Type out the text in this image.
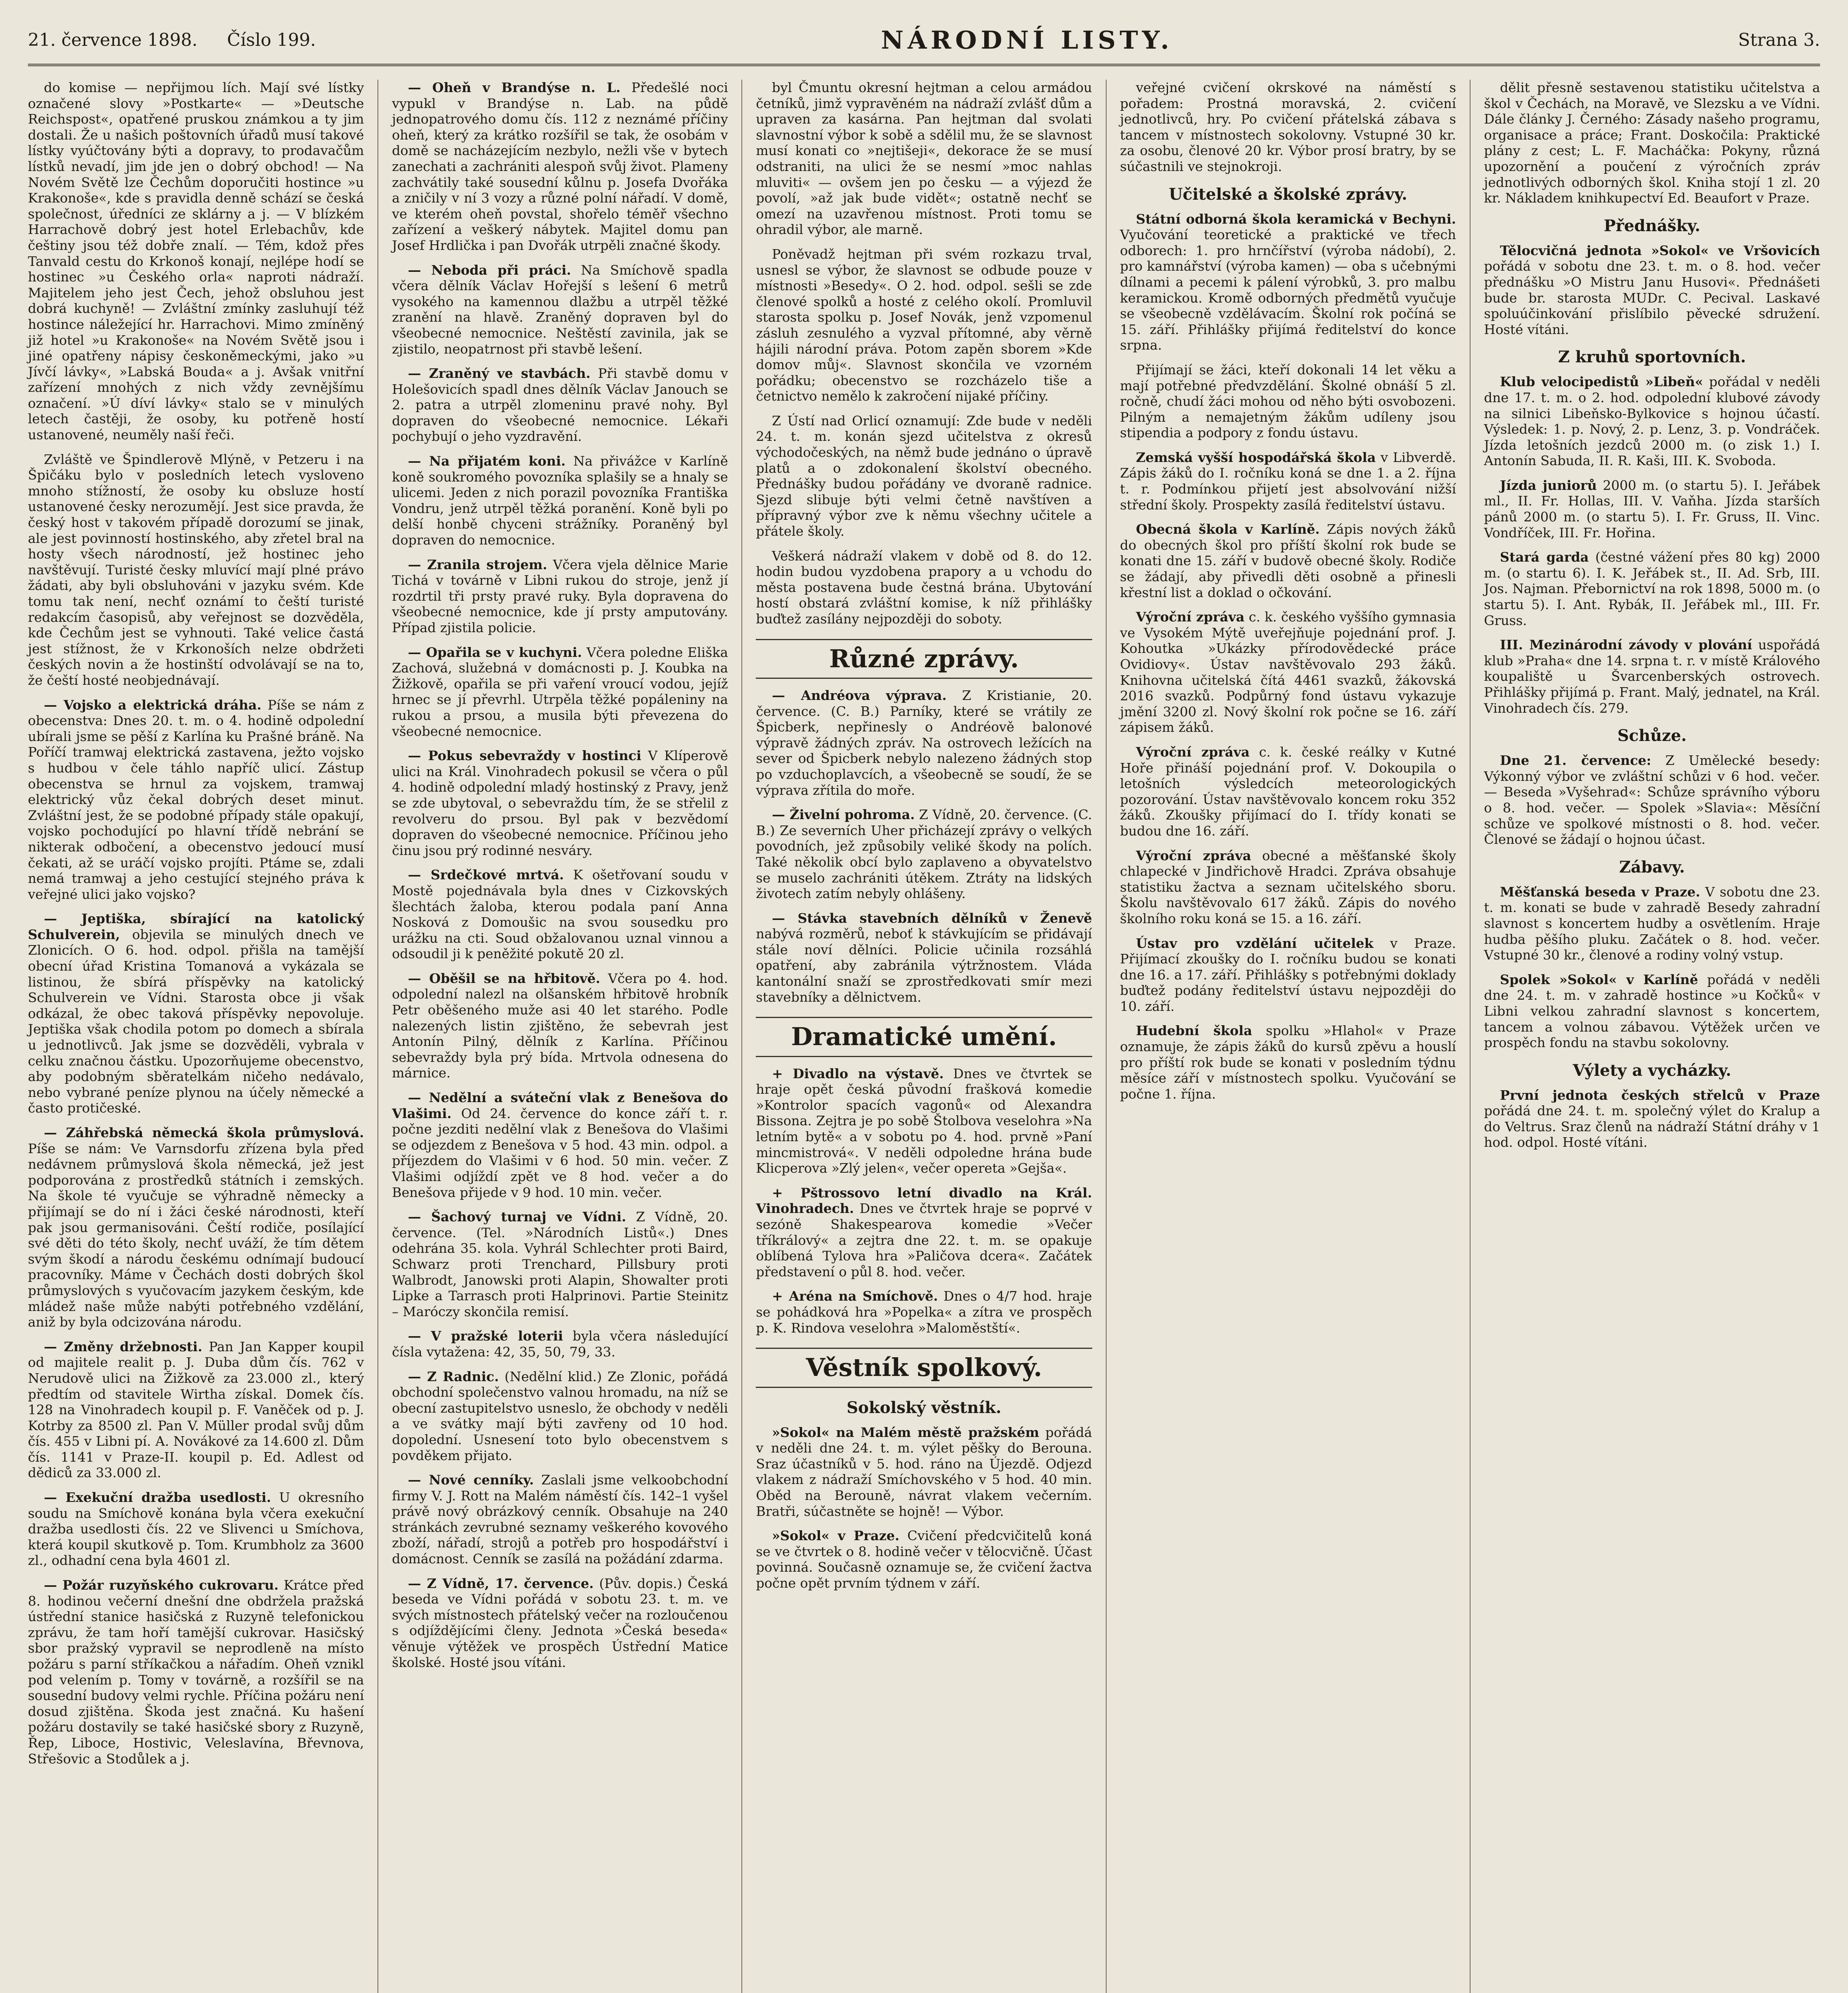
21. července 1898. Číslo 199.	NÁRODNÍ LISTY.	Strana 3.

do komise — nepřijmou lích. Mají své lístky označené slovy »Postkarte« — »Deutsche Reichspost«, opatřené pruskou známkou a ty jim dostali. Že u našich poštovních úřadů musí takové lístky vyúčtovány býti a dopravy, to prodavačům lístků nevadí, jim jde jen o dobrý obchod! — Na Novém Světě lze Čechům doporučiti hostince »u Krakonoše«, kde s pravidla denně schází se česká společnost, úředníci ze sklárny a j. — V blízkém Harrachově dobrý jest hotel Erlebachův, kde češtiny jsou též dobře znalí. — Tém, kdož přes Tanvald cestu do Krkonoš konají, nejlépe hodí se hostinec »u Českého orla« naproti nádraží. Majitelem jeho jest Čech, jehož obsluhou jest dobrá kuchyně! — Zvláštní zmínky zasluhují též hostince náležející hr. Harrachovi. Mimo zmíněný již hotel »u Krakonoše« na Novém Světě jsou i jiné opatřeny nápisy českoněmeckými, jako »u Jívčí lávky«, »Labská Bouda« a j. Avšak vnitřní zařízení mnohých z nich vždy zevnějšímu označení. »Ú díví lávky« stalo se v minulých letech častěji, že osoby, ku potřeně hostí ustanovené, neuměly naší řeči.

Zvláště ve Špindlerově Mlýně, v Petzeru i na Špičáku bylo v posledních letech vysloveno mnoho stížností, že osoby ku obsluze hostí ustanovené česky nerozumějí. Jest sice pravda, že český host v takovém případě dorozumí se jinak, ale jest povinností hostinského, aby zřetel bral na hosty všech národností, jež hostinec jeho navštěvují. Turisté česky mluvící mají plné právo žádati, aby byli obsluhováni v jazyku svém. Kde tomu tak není, nechť oznámí to čeští turisté redakcím časopisů, aby veřejnost se dozvěděla, kde Čechům jest se vyhnouti. Také velice častá jest stížnost, že v Krkonoších nelze obdržeti českých novin a že hostinští odvolávají se na to, že čeští hosté neobjednávají.

— Vojsko a elektrická dráha. Píše se nám z obecenstva: Dnes 20. t. m. o 4. hodině odpolední ubírali jsme se pěší z Karlína ku Prašné bráně. Na Poříčí tramwaj elektrická zastavena, ježto vojsko s hudbou v čele táhlo napříč ulicí. Zástup obecenstva se hrnul za vojskem, tramwaj elektrický vůz čekal dobrých deset minut. Zvláštní jest, že se podobné případy stále opakují, vojsko pochodující po hlavní třídě nebrání se nikterak odbočení, a obecenstvo jedoucí musí čekati, až se uráčí vojsko projíti. Ptáme se, zdali nemá tramwaj a jeho cestující stejného práva k veřejné ulici jako vojsko?

— Jeptiška, sbírající na katolický Schulverein, objevila se minulých dnech ve Zlonicích. O 6. hod. odpol. přišla na tamější obecní úřad Kristina Tomanová a vykázala se listinou, že sbírá příspěvky na katolický Schulverein ve Vídni. Starosta obce ji však odkázal, že obec taková příspěvky nepovoluje. Jeptiška však chodila potom po domech a sbírala u jednotlivců. Jak jsme se dozvěděli, vybrala v celku značnou částku. Upozorňujeme obecenstvo, aby podobným sběratelkám ničeho nedávalo, nebo vybrané peníze plynou na účely německé a často protičeské.

— Záhřebská německá škola průmyslová. Píše se nám: Ve Varnsdorfu zřízena byla před nedávnem průmyslová škola německá, jež jest podporována z prostředků státních i zemských. Na škole té vyučuje se výhradně německy a přijímají se do ní i žáci české národnosti, kteří pak jsou germanisováni. Čeští rodiče, posílající své děti do této školy, nechť uváží, že tím dětem svým škodí a národu českému odnímají budoucí pracovníky. Máme v Čechách dosti dobrých škol průmyslových s vyučovacím jazykem českým, kde mládež naše může nabýti potřebného vzdělání, aniž by byla odcizována národu.

— Změny držebnosti. Pan Jan Kapper koupil od majitele realit p. J. Duba dům čís. 762 v Nerudově ulici na Žižkově za 23.000 zl., který předtím od stavitele Wirtha získal. Domek čís. 128 na Vinohradech koupil p. F. Vaněček od p. J. Kotrby za 8500 zl. Pan V. Müller prodal svůj dům čís. 455 v Libni pí. A. Novákové za 14.600 zl. Dům čís. 1141 v Praze-II. koupil p. Ed. Adlest od dědiců za 33.000 zl.

— Exekuční dražba usedlosti. U okresního soudu na Smíchově konána byla včera exekuční dražba usedlosti čís. 22 ve Slivenci u Smíchova, která koupil skutkově p. Tom. Krumbholz za 3600 zl., odhadní cena byla 4601 zl.

— Požár ruzyňského cukrovaru. Krátce před 8. hodinou večerní dnešní dne obdržela pražská ústřední stanice hasičská z Ruzyně telefonickou zprávu, že tam hoří tamější cukrovar. Hasičský sbor pražský vypravil se neprodleně na místo požáru s parní stříkačkou a nářadím. Oheň vznikl pod velením p. Tomy v továrně, a rozšířil se na sousední budovy velmi rychle. Příčina požáru není dosud zjištěna. Škoda jest značná. Ku hašení požáru dostavily se také hasičské sbory z Ruzyně, Řep, Liboce, Hostivic, Veleslavína, Břevnova, Střešovic a Stodůlek a j.

— Oheň v Brandýse n. L. Předešlé noci vypukl v Brandýse n. Lab. na půdě jednopatrového domu čís. 112 z neznámé příčiny oheň, který za krátko rozšířil se tak, že osobám v domě se nacházejícím nezbylo, nežli vše v bytech zanechati a zachrániti alespoň svůj život. Plameny zachvátily také sousední kůlnu p. Josefa Dvořáka a zničily v ní 3 vozy a různé polní nářadí. V domě, ve kterém oheň povstal, shořelo téměř všechno zařízení a veškerý nábytek. Majitel domu pan Josef Hrdlička i pan Dvořák utrpěli značné škody.

— Neboda při práci. Na Smíchově spadla včera dělník Václav Hořejší s lešení 6 metrů vysokého na kamennou dlažbu a utrpěl těžké zranění na hlavě. Zraněný dopraven byl do všeobecné nemocnice. Neštěstí zavinila, jak se zjistilo, neopatrnost při stavbě lešení.

— Zraněný ve stavbách. Při stavbě domu v Holešovicích spadl dnes dělník Václav Janouch se 2. patra a utrpěl zlomeninu pravé nohy. Byl dopraven do všeobecné nemocnice. Lékaři pochybují o jeho vyzdravění.

— Na přijatém koni. Na přivážce v Karlíně koně soukromého povozníka splašily se a hnaly se ulicemi. Jeden z nich porazil povozníka Františka Vondru, jenž utrpěl těžká poranění. Koně byli po delší honbě chyceni strážníky. Poraněný byl dopraven do nemocnice.

— Zranila strojem. Včera vjela dělnice Marie Tichá v továrně v Libni rukou do stroje, jenž jí rozdrtil tři prsty pravé ruky. Byla dopravena do všeobecné nemocnice, kde jí prsty amputovány. Případ zjistila policie.

— Opařila se v kuchyni. Včera poledne Eliška Zachová, služebná v domácnosti p. J. Koubka na Žižkově, opařila se při vaření vroucí vodou, jejíž hrnec se jí převrhl. Utrpěla těžké popáleniny na rukou a prsou, a musila býti převezena do všeobecné nemocnice.

— Pokus sebevraždy v hostinci V Klíperově ulici na Král. Vinohradech pokusil se včera o půl 4. hodině odpolední mladý hostinský z Pravy, jenž se zde ubytoval, o sebevraždu tím, že se střelil z revolveru do prsou. Byl pak v bezvědomí dopraven do všeobecné nemocnice. Příčinou jeho činu jsou prý rodinné nesváry.

— Srdečkové mrtvá. K ošetřovaní soudu v Mostě pojednávala byla dnes v Cizkovských šlechtách žaloba, kterou podala paní Anna Nosková z Domoušic na svou sousedku pro urážku na cti. Soud obžalovanou uznal vinnou a odsoudil ji k peněžité pokutě 20 zl.

— Oběšil se na hřbitově. Včera po 4. hod. odpolední nalezl na olšanském hřbitově hrobník Petr oběšeného muže asi 40 let starého. Podle nalezených listin zjištěno, že sebevrah jest Antonín Pilný, dělník z Karlína. Příčinou sebevraždy byla prý bída. Mrtvola odnesena do márnice.

— Nedělní a sváteční vlak z Benešova do Vlašimi. Od 24. července do konce září t. r. počne jezditi nedělní vlak z Benešova do Vlašimi se odjezdem z Benešova v 5 hod. 43 min. odpol. a příjezdem do Vlašimi v 6 hod. 50 min. večer. Z Vlašimi odjíždí zpět ve 8 hod. večer a do Benešova přijede v 9 hod. 10 min. večer.

— Šachový turnaj ve Vídni. Z Vídně, 20. července. (Tel. »Národních Listů«.) Dnes odehrána 35. kola. Vyhrál Schlechter proti Baird, Schwarz proti Trenchard, Pillsbury proti Walbrodt, Janowski proti Alapin, Showalter proti Lipke a Tarrasch proti Halprinovi. Partie Steinitz – Maróczy skončila remisí.

— V pražské loterii byla včera následující čísla vytažena: 42, 35, 50, 79, 33.

— Z Radnic. (Nedělní klid.) Ze Zlonic, pořádá obchodní společenstvo valnou hromadu, na níž se obecní zastupitelstvo usneslo, že obchody v neděli a ve svátky mají býti zavřeny od 10 hod. dopolední. Usnesení toto bylo obecenstvem s povděkem přijato.

— Nové cenníky. Zaslali jsme velkoobchodní firmy V. J. Rott na Malém náměstí čís. 142–1 vyšel právě nový obrázkový cenník. Obsahuje na 240 stránkách zevrubné seznamy veškerého kovového zboží, nářadí, strojů a potřeb pro hospodářství i domácnost. Cenník se zasílá na požádání zdarma.

— Z Vídně, 17. července. (Pův. dopis.) Česká beseda ve Vídni pořádá v sobotu 23. t. m. ve svých místnostech přátelský večer na rozloučenou s odjíždějícími členy. Jednota »Česká beseda« věnuje výtěžek ve prospěch Ústřední Matice školské. Hosté jsou vítáni.

byl Čmuntu okresní hejtman a celou armádou četníků, jimž vypravěném na nádraží zvlášť dům a upraven za kasárna. Pan hejtman dal svolati slavnostní výbor k sobě a sdělil mu, že se slavnost musí konati co »nejtišeji«, dekorace že se musí odstraniti, na ulici že se nesmí »moc nahlas mluviti« — ovšem jen po česku — a výjezd že povolí, »až jak bude vidět«; ostatně nechť se omezí na uzavřenou místnost. Proti tomu se ohradil výbor, ale marně.

Poněvadž hejtman při svém rozkazu trval, usnesl se výbor, že slavnost se odbude pouze v místnosti »Besedy«. O 2. hod. odpol. sešli se zde členové spolků a hosté z celého okolí. Promluvil starosta spolku p. Josef Novák, jenž vzpomenul zásluh zesnulého a vyzval přítomné, aby věrně hájili národní práva. Potom zapěn sborem »Kde domov můj«. Slavnost skončila ve vzorném pořádku; obecenstvo se rozcházelo tiše a četnictvo nemělo k zakročení nijaké příčiny.

Z Ústí nad Orlicí oznamují: Zde bude v neděli 24. t. m. konán sjezd učitelstva z okresů východočeských, na němž bude jednáno o úpravě platů a o zdokonalení školství obecného. Přednášky budou pořádány ve dvoraně radnice. Sjezd slibuje býti velmi četně navštíven a přípravný výbor zve k němu všechny učitele a přátele školy.

Veškerá nádraží vlakem v době od 8. do 12. hodin budou vyzdobena prapory a u vchodu do města postavena bude čestná brána. Ubytování hostí obstará zvláštní komise, k níž přihlášky buďtež zasílány nejpozději do soboty.

Různé zprávy.

— Andréova výprava. Z Kristianie, 20. července. (C. B.) Parníky, které se vrátily ze Špicberk, nepřinesly o Andréově balonové výpravě žádných zpráv. Na ostrovech ležících na sever od Špicberk nebylo nalezeno žádných stop po vzduchoplavcích, a všeobecně se soudí, že se výprava zřítila do moře.

— Živelní pohroma. Z Vídně, 20. července. (C. B.) Ze severních Uher přicházejí zprávy o velkých povodních, jež způsobily veliké škody na polích. Také několik obcí bylo zaplaveno a obyvatelstvo se muselo zachrániti útěkem. Ztráty na lidských životech zatím nebyly ohlášeny.

— Stávka stavebních dělníků v Ženevě nabývá rozměrů, neboť k stávkujícím se přidávají stále noví dělníci. Policie učinila rozsáhlá opatření, aby zabránila výtržnostem. Vláda kantonální snaží se zprostředkovati smír mezi stavebníky a dělnictvem.

Dramatické umění.

+ Divadlo na výstavě. Dnes ve čtvrtek se hraje opět česká původní frašková komedie »Kontrolor spacích vagonů« od Alexandra Bissona. Zejtra je po sobě Štolbova veselohra »Na letním bytě« a v sobotu po 4. hod. prvně »Paní mincmistrová«. V neděli odpoledne hrána bude Klicperova »Zlý jelen«, večer opereta »Gejša«.

+ Pštrossovo letní divadlo na Král. Vinohradech. Dnes ve čtvrtek hraje se poprvé v sezóně Shakespearova komedie »Večer tříkrálový« a zejtra dne 22. t. m. se opakuje oblíbená Tylova hra »Paličova dcera«. Začátek představení o půl 8. hod. večer.

+ Aréna na Smíchově. Dnes o 4/7 hod. hraje se pohádková hra »Popelka« a zítra ve prospěch p. K. Rindova veselohra »Maloměstští«.

Věstník spolkový.
Sokolský věstník.

»Sokol« na Malém městě pražském pořádá v neděli dne 24. t. m. výlet pěšky do Berouna. Sraz účastníků v 5. hod. ráno na Újezdě. Odjezd vlakem z nádraží Smíchovského v 5 hod. 40 min. Oběd na Berouně, návrat vlakem večerním. Bratři, súčastněte se hojně! — Výbor.

»Sokol« v Praze. Cvičení předcvičitelů koná se ve čtvrtek o 8. hodině večer v tělocvičně. Účast povinná. Současně oznamuje se, že cvičení žactva počne opět prvním týdnem v září.

veřejné cvičení okrskové na náměstí s pořadem: Prostná moravská, 2. cvičení jednotlivců, hry. Po cvičení přátelská zábava s tancem v místnostech sokolovny. Vstupné 30 kr. za osobu, členové 20 kr. Výbor prosí bratry, by se súčastnili ve stejnokroji.

Učitelské a školské zprávy.

Státní odborná škola keramická v Bechyni. Vyučování teoretické a praktické ve třech odborech: 1. pro hrnčířství (výroba nádobí), 2. pro kamnářství (výroba kamen) — oba s učebnými dílnami a pecemi k pálení výrobků, 3. pro malbu keramickou. Kromě odborných předmětů vyučuje se všeobecně vzdělávacím. Školní rok počíná se 15. září. Přihlášky přijímá ředitelství do konce srpna.

Přijímají se žáci, kteří dokonali 14 let věku a mají potřebné předvzdělání. Školné obnáší 5 zl. ročně, chudí žáci mohou od něho býti osvobozeni. Pilným a nemajetným žákům udíleny jsou stipendia a podpory z fondu ústavu.

Zemská vyšší hospodářská škola v Libverdě. Zápis žáků do I. ročníku koná se dne 1. a 2. října t. r. Podmínkou přijetí jest absolvování nižší střední školy. Prospekty zasílá ředitelství ústavu.

Obecná škola v Karlíně. Zápis nových žáků do obecných škol pro příští školní rok bude se konati dne 15. září v budově obecné školy. Rodiče se žádají, aby přivedli děti osobně a přinesli křestní list a doklad o očkování.

Výroční zpráva c. k. českého vyššího gymnasia ve Vysokém Mýtě uveřejňuje pojednání prof. J. Kohoutka »Ukázky přírodovědecké práce Ovidiovy«. Ústav navštěvovalo 293 žáků. Knihovna učitelská čítá 4461 svazků, žákovská 2016 svazků. Podpůrný fond ústavu vykazuje jmění 3200 zl. Nový školní rok počne se 16. září zápisem žáků.

Výroční zpráva c. k. české reálky v Kutné Hoře přináší pojednání prof. V. Dokoupila o letošních výsledcích meteorologických pozorování. Ústav navštěvovalo koncem roku 352 žáků. Zkoušky přijímací do I. třídy konati se budou dne 16. září.

Výroční zpráva obecné a měšťanské školy chlapecké v Jindřichově Hradci. Zpráva obsahuje statistiku žactva a seznam učitelského sboru. Školu navštěvovalo 617 žáků. Zápis do nového školního roku koná se 15. a 16. září.

Ústav pro vzdělání učitelek v Praze. Přijímací zkoušky do I. ročníku budou se konati dne 16. a 17. září. Přihlášky s potřebnými doklady buďtež podány ředitelství ústavu nejpozději do 10. září.

Hudební škola spolku »Hlahol« v Praze oznamuje, že zápis žáků do kursů zpěvu a houslí pro příští rok bude se konati v posledním týdnu měsíce září v místnostech spolku. Vyučování se počne 1. října.

dělit přesně sestavenou statistiku učitelstva a škol v Čechách, na Moravě, ve Slezsku a ve Vídni. Dále články J. Černého: Zásady našeho programu, organisace a práce; Frant. Doskočila: Praktické plány z cest; L. F. Macháčka: Pokyny, různá upozornění a poučení z výročních zpráv jednotlivých odborných škol. Kniha stojí 1 zl. 20 kr. Nákladem knihkupectví Ed. Beaufort v Praze.

Přednášky.

Tělocvičná jednota »Sokol« ve Vršovicích pořádá v sobotu dne 23. t. m. o 8. hod. večer přednášku »O Mistru Janu Husovi«. Přednášeti bude br. starosta MUDr. C. Pecival. Laskavé spoluúčinkování přislíbilo pěvecké sdružení. Hosté vítáni.

Z kruhů sportovních.

Klub velocipedistů »Libeň« pořádal v neděli dne 17. t. m. o 2. hod. odpolední klubové závody na silnici Libeňsko-Bylkovice s hojnou účastí. Výsledek: 1. p. Nový, 2. p. Lenz, 3. p. Vondráček. Jízda letošních jezdců 2000 m. (o zisk 1.) I. Antonín Sabuda, II. R. Kaši, III. K. Svoboda.

Jízda juniorů 2000 m. (o startu 5). I. Jeřábek ml., II. Fr. Hollas, III. V. Vaňha. Jízda starších pánů 2000 m. (o startu 5). I. Fr. Gruss, II. Vinc. Vondříček, III. Fr. Hořina.

Stará garda (čestné vážení přes 80 kg) 2000 m. (o startu 6). I. K. Jeřábek st., II. Ad. Srb, III. Jos. Najman. Přebornictví na rok 1898, 5000 m. (o startu 5). I. Ant. Rybák, II. Jeřábek ml., III. Fr. Gruss.

III. Mezinárodní závody v plování uspořádá klub »Praha« dne 14. srpna t. r. v místě Králového koupaliště u Švarcenberských ostrovech. Přihlášky přijímá p. Frant. Malý, jednatel, na Král. Vinohradech čís. 279.

Schůze.

Dne 21. července: Z Umělecké besedy: Výkonný výbor ve zvláštní schůzi v 6 hod. večer. — Beseda »Vyšehrad«: Schůze správního výboru o 8. hod. večer. — Spolek »Slavia«: Měsíční schůze ve spolkové místnosti o 8. hod. večer. Členové se žádají o hojnou účast.

Zábavy.

Měšťanská beseda v Praze. V sobotu dne 23. t. m. konati se bude v zahradě Besedy zahradní slavnost s koncertem hudby a osvětlením. Hraje hudba pěšího pluku. Začátek o 8. hod. večer. Vstupné 30 kr., členové a rodiny volný vstup.

Spolek »Sokol« v Karlíně pořádá v neděli dne 24. t. m. v zahradě hostince »u Kočků« v Libni velkou zahradní slavnost s koncertem, tancem a volnou zábavou. Výtěžek určen ve prospěch fondu na stavbu sokolovny.

Výlety a vycházky.

První jednota českých střelců v Praze pořádá dne 24. t. m. společný výlet do Kralup a do Veltrus. Sraz členů na nádraží Státní dráhy v 1 hod. odpol. Hosté vítáni.
